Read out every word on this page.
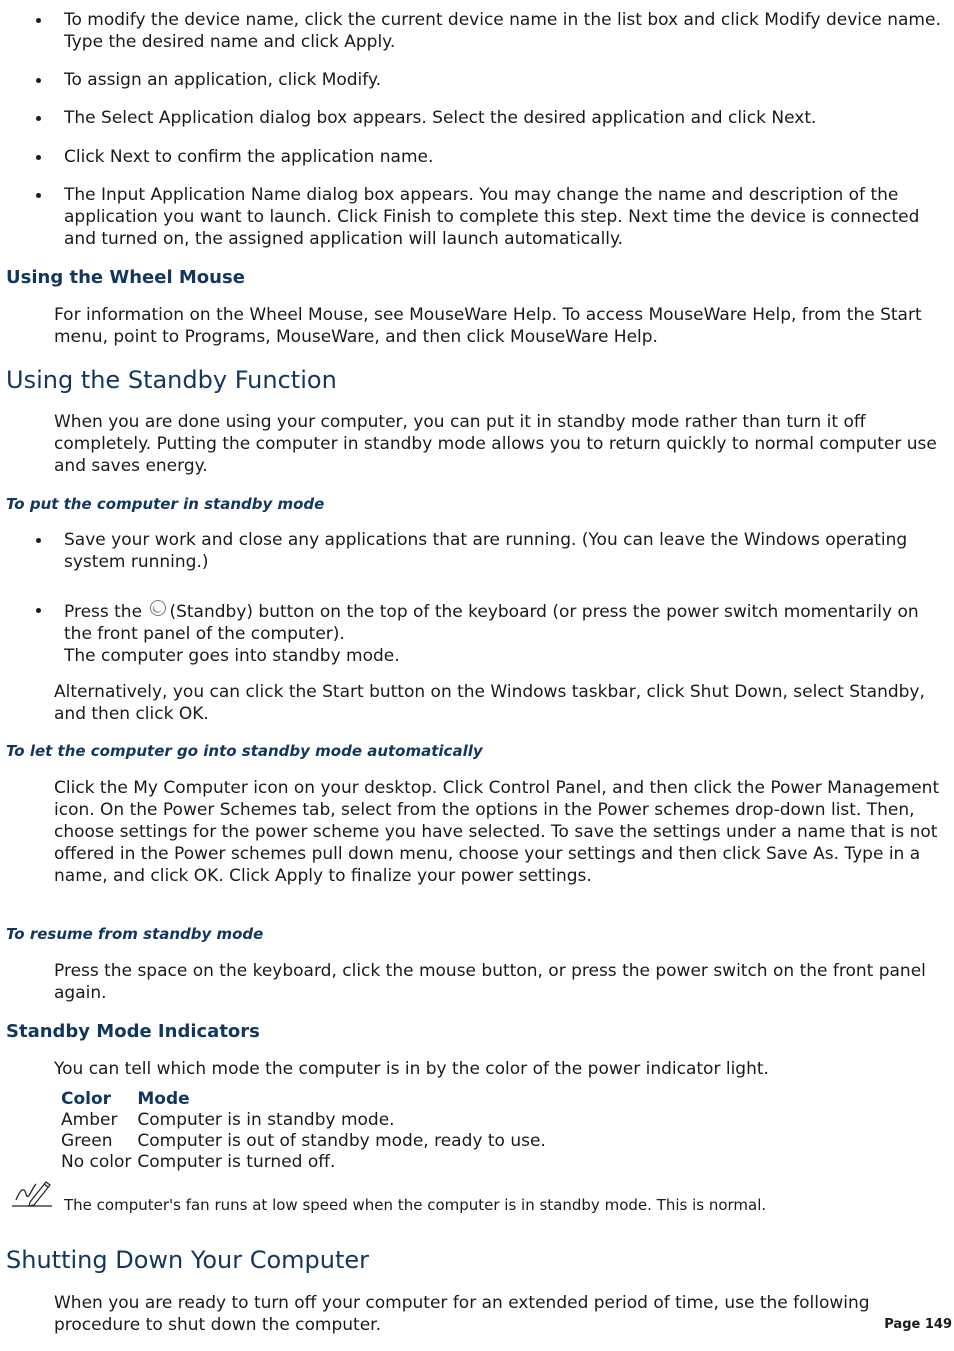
To modify the device name, click the current device name in the list box and click Modify device name. Type the desired name and click Apply.
To assign an application, click Modify.
The Select Application dialog box appears. Select the desired application and click Next.
Click Next to confirm the application name.
The Input Application Name dialog box appears. You may change the name and description of the application you want to launch. Click Finish to complete this step. Next time the device is connected and turned on, the assigned application will launch automatically.
Using the Wheel Mouse

For information on the Wheel Mouse, see MouseWare Help. To access MouseWare Help, from the Start menu, point to Programs, MouseWare, and then click MouseWare Help.

Using the Standby Function

When you are done using your computer, you can put it in standby mode rather than turn it off completely. Putting the computer in standby mode allows you to return quickly to normal computer use and saves energy.

To put the computer in standby mode
Save your work and close any applications that are running. (You can leave the Windows operating system running.)
Press the (Standby) button on the top of the keyboard (or press the power switch momentarily on the front panel of the computer).
The computer goes into standby mode.

Alternatively, you can click the Start button on the Windows taskbar, click Shut Down, select Standby, and then click OK.

To let the computer go into standby mode automatically

Click the My Computer icon on your desktop. Click Control Panel, and then click the Power Management icon. On the Power Schemes tab, select from the options in the Power schemes drop-down list. Then, choose settings for the power scheme you have selected. To save the settings under a name that is not offered in the Power schemes pull down menu, choose your settings and then click Save As. Type in a name, and click OK. Click Apply to finalize your power settings.

To resume from standby mode

Press the space on the keyboard, click the mouse button, or press the power switch on the front panel again.

Standby Mode Indicators

You can tell which mode the computer is in by the color of the power indicator light.

Color	Mode
Amber	Computer is in standby mode.
Green	Computer is out of standby mode, ready to use.
No color	Computer is turned off.
The computer's fan runs at low speed when the computer is in standby mode. This is normal.
Shutting Down Your Computer

When you are ready to turn off your computer for an extended period of time, use the following procedure to shut down the computer.	Page 149
